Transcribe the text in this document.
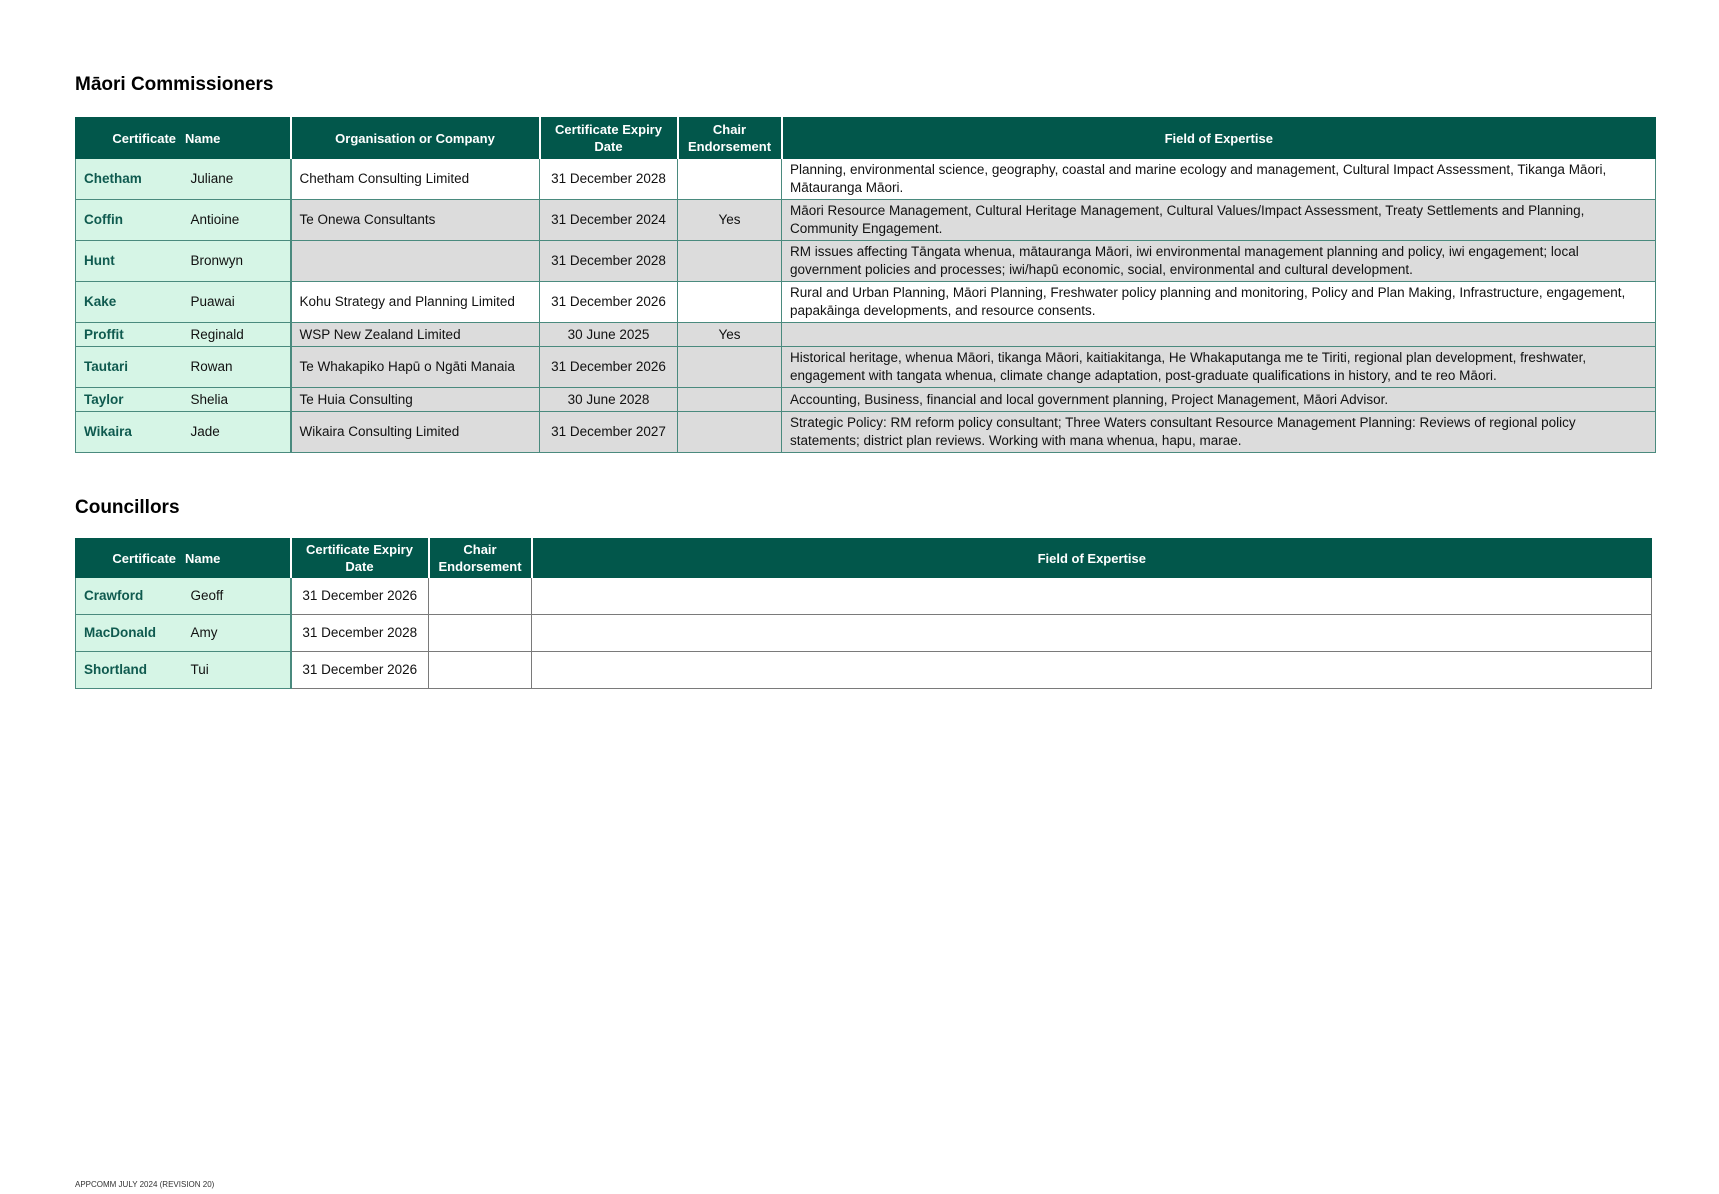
Māori Commissioners
Certificate	Name	Organisation or Company	Certificate Expiry Date	Chair Endorsement	Field of Expertise
Chetham	Juliane	Chetham Consulting Limited	31 December 2028		Planning, environmental science, geography, coastal and marine ecology and management, Cultural Impact Assessment, Tikanga Māori, Mātauranga Māori.
Coffin	Antioine	Te Onewa Consultants	31 December 2024	Yes	Māori Resource Management, Cultural Heritage Management, Cultural Values/Impact Assessment, Treaty Settlements and Planning, Community Engagement.
Hunt	Bronwyn		31 December 2028		RM issues affecting Tāngata whenua, mātauranga Māori, iwi environmental management planning and policy, iwi engagement; local government policies and processes; iwi/hapū economic, social, environmental and cultural development.
Kake	Puawai	Kohu Strategy and Planning Limited	31 December 2026		Rural and Urban Planning, Māori Planning, Freshwater policy planning and monitoring, Policy and Plan Making, Infrastructure, engagement, papakāinga developments, and resource consents.
Proffit	Reginald	WSP New Zealand Limited	30 June 2025	Yes	
Tautari	Rowan	Te Whakapiko Hapū o Ngāti Manaia	31 December 2026		Historical heritage, whenua Māori, tikanga Māori, kaitiakitanga, He Whakaputanga me te Tiriti, regional plan development, freshwater, engagement with tangata whenua, climate change adaptation, post-graduate qualifications in history, and te reo Māori.
Taylor	Shelia	Te Huia Consulting	30 June 2028		Accounting, Business, financial and local government planning, Project Management, Māori Advisor.
Wikaira	Jade	Wikaira Consulting Limited	31 December 2027		Strategic Policy: RM reform policy consultant; Three Waters consultant Resource Management Planning: Reviews of regional policy statements; district plan reviews. Working with mana whenua, hapu, marae.
Councillors
Certificate	Name	Certificate Expiry Date	Chair Endorsement	Field of Expertise
Crawford	Geoff	31 December 2026		
MacDonald	Amy	31 December 2028		
Shortland	Tui	31 December 2026		
APPCOMM JULY 2024 (REVISION 20)
